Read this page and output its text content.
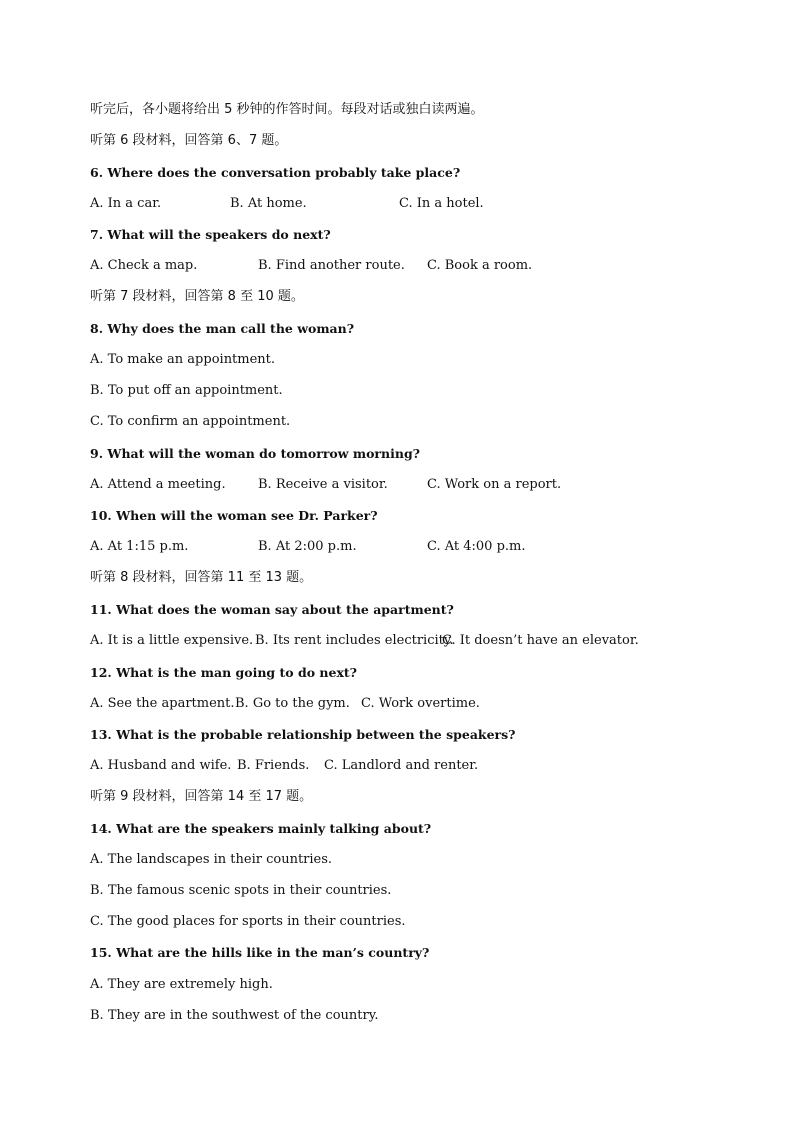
听完后，各小题将给出 5 秒钟的作答时间。每段对话或独白读两遍。
听第 6 段材料，回答第 6、7 题。
6. Where does the conversation probably take place?
A. In a car.	B. At home.	C. In a hotel.
7. What will the speakers do next?
A. Check a map.	B. Find another route. C. Book a room.
听第 7 段材料，回答第 8 至 10 题。
8. Why does the man call the woman?
A. To make an appointment.
B. To put off an appointment.
C. To confirm an appointment.
9. What will the woman do tomorrow morning?
A. Attend a meeting. B. Receive a visitor.	C. Work on a report.
10. When will the woman see Dr. Parker?
A. At 1:15 p.m.	B. At 2:00 p.m.	C. At 4:00 p.m.
听第 8 段材料，回答第 11 至 13 题。
11. What does the woman say about the apartment?
A. It is a little expensive. B. Its rent includes electricity.
C. It doesn’t have an elevator.
12. What is the man going to do next?
A. See the apartment. B. Go to the gym. C. Work overtime.
13. What is the probable relationship between the speakers?
A. Husband and wife. B. Friends. C. Landlord and renter.
听第 9 段材料，回答第 14 至 17 题。
14. What are the speakers mainly talking about?
A. The landscapes in their countries.
B. The famous scenic spots in their countries.
C. The good places for sports in their countries.
15. What are the hills like in the man’s country?
A. They are extremely high.
B. They are in the southwest of the country.
